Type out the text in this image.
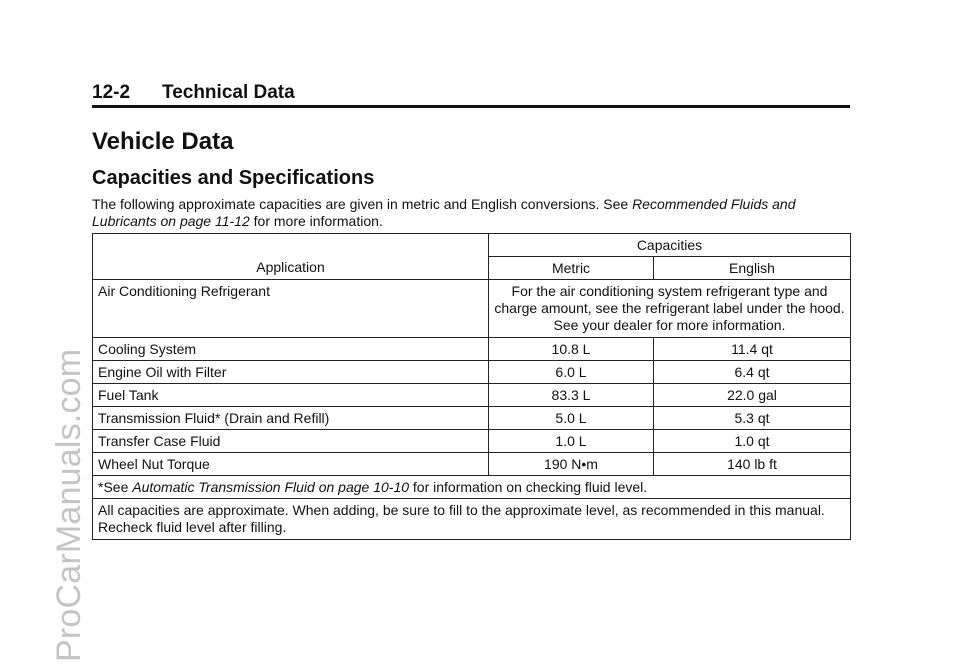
ProCarManuals.com
12-2 Technical Data
Vehicle Data
Capacities and Specifications

The following approximate capacities are given in metric and English conversions. See Recommended Fluids and Lubricants on page 11-12 for more information.

Application	Capacities	
	Metric	English
Air Conditioning Refrigerant	For the air conditioning system refrigerant type and charge amount, see the refrigerant label under the hood. See your dealer for more information.	
Cooling System	10.8 L	11.4 qt
Engine Oil with Filter	6.0 L	6.4 qt
Fuel Tank	83.3 L	22.0 gal
Transmission Fluid* (Drain and Refill)	5.0 L	5.3 qt
Transfer Case Fluid	1.0 L	1.0 qt
Wheel Nut Torque	190 N•m	140 lb ft
*See Automatic Transmission Fluid on page 10-10 for information on checking fluid level.		
All capacities are approximate. When adding, be sure to fill to the approximate level, as recommended in this manual. Recheck fluid level after filling.		
